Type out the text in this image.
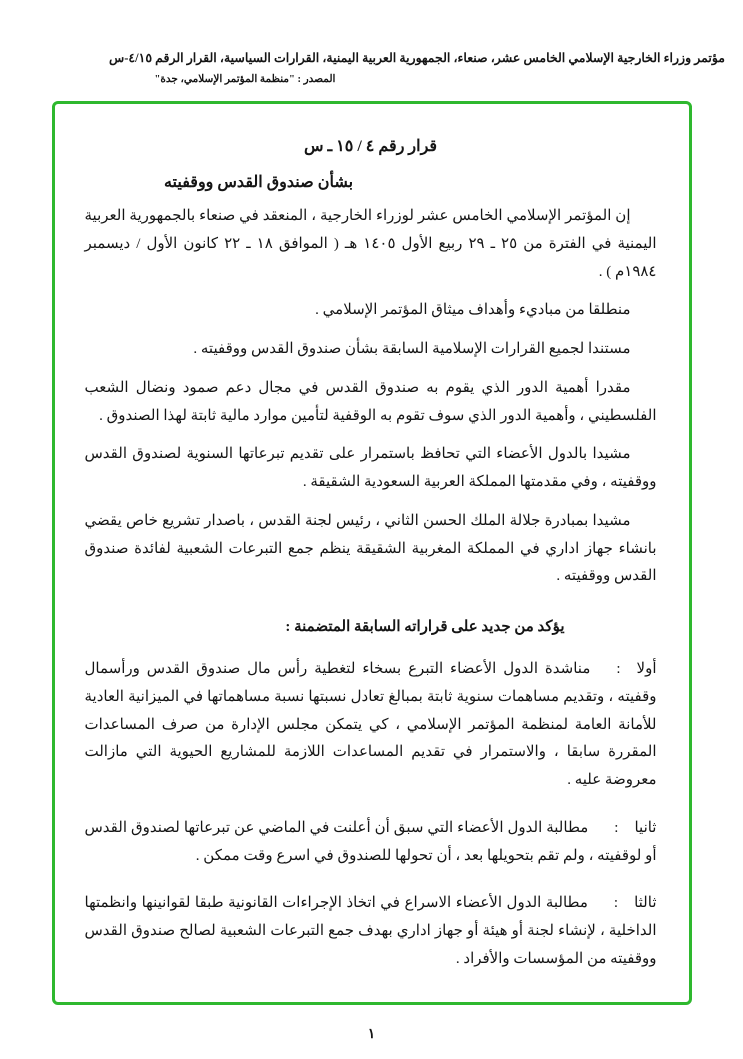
مؤتمر وزراء الخارجية الإسلامي الخامس عشر، صنعاء، الجمهورية العربية اليمنية، القرارات السياسية، القرار الرقم ٤/١٥-س
المصدر : "منظمة المؤتمر الإسلامي، جدة"
قرار رقم ٤ / ١٥ ـ س
بشأن صندوق القدس ووقفيته

إن المؤتمر الإسلامي الخامس عشر لوزراء الخارجية ، المنعقد في صنعاء بالجمهورية العربية اليمنية في الفترة من ٢٥ ـ ٢٩ ربيع الأول ١٤٠٥ هـ ( الموافق ١٨ ـ ٢٢ كانون الأول / ديسمبر ١٩٨٤م ) .

منطلقا من مباديء وأهداف ميثاق المؤتمر الإسلامي .

مستندا لجميع القرارات الإسلامية السابقة بشأن صندوق القدس ووقفيته .

مقدرا أهمية الدور الذي يقوم به صندوق القدس في مجال دعم صمود ونضال الشعب الفلسطيني ، وأهمية الدور الذي سوف تقوم به الوقفية لتأمين موارد مالية ثابتة لهذا الصندوق .

مشيدا بالدول الأعضاء التي تحافظ باستمرار على تقديم تبرعاتها السنوية لصندوق القدس ووقفيته ، وفي مقدمتها المملكة العربية السعودية الشقيقة .

مشيدا بمبادرة جلالة الملك الحسن الثاني ، رئيس لجنة القدس ، باصدار تشريع خاص يقضي بانشاء جهاز اداري في المملكة المغربية الشقيقة ينظم جمع التبرعات الشعبية لفائدة صندوق القدس ووقفيته .

يؤكد من جديد على قراراته السابقة المتضمنة :

أولا:مناشدة الدول الأعضاء التبرع بسخاء لتغطية رأس مال صندوق القدس ورأسمال وقفيته ، وتقديم مساهمات سنوية ثابتة بمبالغ تعادل نسبتها نسبة مساهماتها في الميزانية العادية للأمانة العامة لمنظمة المؤتمر الإسلامي ، كي يتمكن مجلس الإدارة من صرف المساعدات المقررة سابقا ، والاستمرار في تقديم المساعدات اللازمة للمشاريع الحيوية التي مازالت معروضة عليه .

ثانيا:مطالبة الدول الأعضاء التي سبق أن أعلنت في الماضي عن تبرعاتها لصندوق القدس أو لوقفيته ، ولم تقم بتحويلها بعد ، أن تحولها للصندوق في اسرع وقت ممكن .

ثالثا:مطالبة الدول الأعضاء الاسراع في اتخاذ الإجراءات القانونية طبقا لقوانينها وانظمتها الداخلية ، لإنشاء لجنة أو هيئة أو جهاز اداري بهدف جمع التبرعات الشعبية لصالح صندوق القدس ووقفيته من المؤسسات والأفراد .

١
